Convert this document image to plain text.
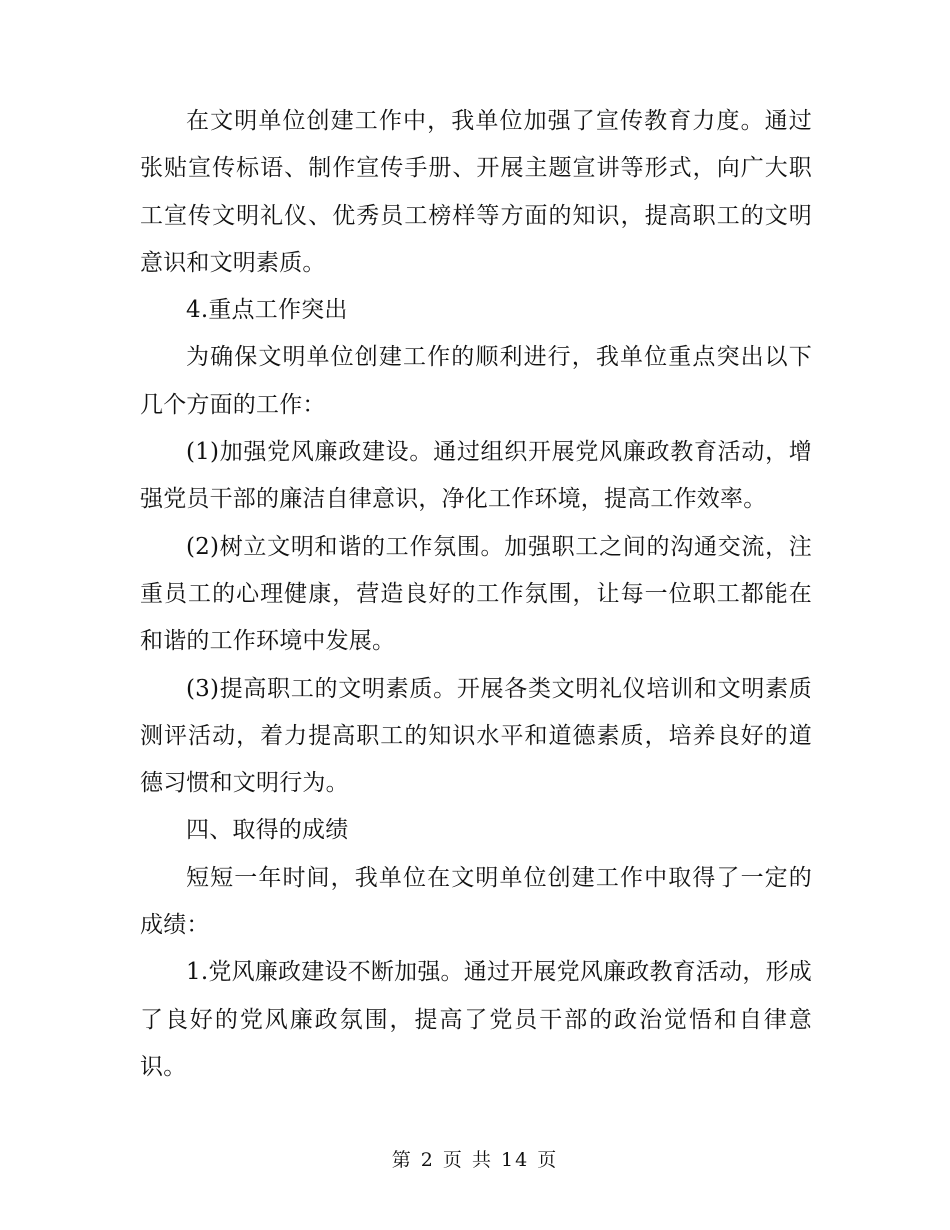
在文明单位创建工作中，我单位加强了宣传教育力度。通过张贴宣传标语、制作宣传手册、开展主题宣讲等形式，向广大职工宣传文明礼仪、优秀员工榜样等方面的知识，提高职工的文明意识和文明素质。

4.重点工作突出

为确保文明单位创建工作的顺利进行，我单位重点突出以下几个方面的工作：

(1)加强党风廉政建设。通过组织开展党风廉政教育活动，增强党员干部的廉洁自律意识，净化工作环境，提高工作效率。

(2)树立文明和谐的工作氛围。加强职工之间的沟通交流，注重员工的心理健康，营造良好的工作氛围，让每一位职工都能在和谐的工作环境中发展。

(3)提高职工的文明素质。开展各类文明礼仪培训和文明素质测评活动，着力提高职工的知识水平和道德素质，培养良好的道德习惯和文明行为。

四、取得的成绩

短短一年时间，我单位在文明单位创建工作中取得了一定的成绩：

1.党风廉政建设不断加强。通过开展党风廉政教育活动，形成了良好的党风廉政氛围，提高了党员干部的政治觉悟和自律意识。

第 2 页 共 14 页
